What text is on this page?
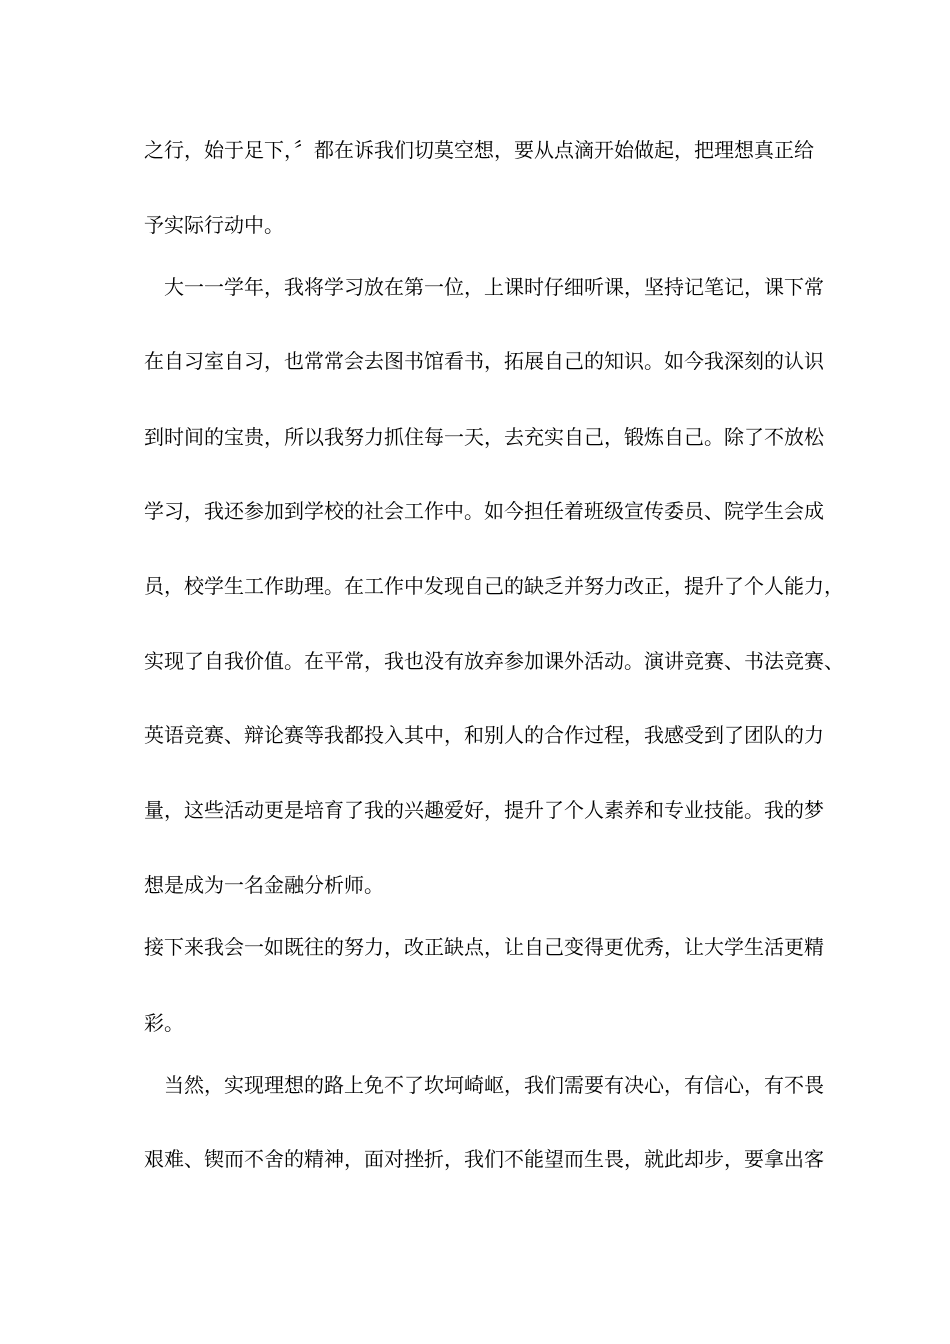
之行，始于足下，〞都在诉我们切莫空想，要从点滴开始做起，把理想真正给
予实际行动中。
　大一一学年，我将学习放在第一位，上课时仔细听课，坚持记笔记，课下常
在自习室自习，也常常会去图书馆看书，拓展自己的知识。如今我深刻的认识
到时间的宝贵，所以我努力抓住每一天，去充实自己，锻炼自己。除了不放松
学习，我还参加到学校的社会工作中。如今担任着班级宣传委员、院学生会成
员，校学生工作助理。在工作中发现自己的缺乏并努力改正，提升了个人能力，
实现了自我价值。在平常，我也没有放弃参加课外活动。演讲竞赛、书法竞赛、
英语竞赛、辩论赛等我都投入其中，和别人的合作过程，我感受到了团队的力
量，这些活动更是培育了我的兴趣爱好，提升了个人素养和专业技能。我的梦
想是成为一名金融分析师。
接下来我会一如既往的努力，改正缺点，让自己变得更优秀，让大学生活更精
彩。
　当然，实现理想的路上免不了坎坷崎岖，我们需要有决心，有信心，有不畏
艰难、锲而不舍的精神，面对挫折，我们不能望而生畏，就此却步，要拿出客
